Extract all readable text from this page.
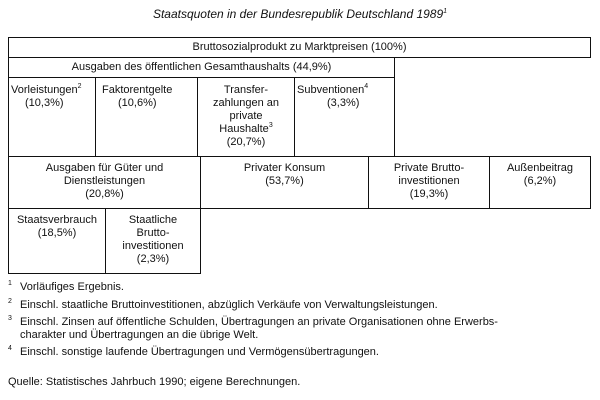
Staatsquoten in der Bundesrepublik Deutschland 1989$^1$
Bruttosozialprodukt zu Marktpreisen (100%)
Ausgaben des öffentlichen Gesamthaushalts (44,9%)
Vorleistungen$^2$
(10,3%)
Faktorentgelte
(10,6%)
Transfer-
zahlungen an
private
Haushalte$^3$
(20,7%)
Subventionen$^4$
(3,3%)
Ausgaben für Güter und
Dienstleistungen
(20,8%)
Privater Konsum
(53,7%)
Private Brutto-
investitionen
(19,3%)
Außenbeitrag
(6,2%)
Staatsverbrauch
(18,5%)
Staatliche
Brutto-
investitionen
(2,3%)
1 Vorläufiges Ergebnis.
2 Einschl. staatliche Bruttoinvestitionen, abzüglich Verkäufe von Verwaltungsleistungen.
3 Einschl. Zinsen auf öffentliche Schulden, Übertragungen an private Organisationen ohne Erwerbs-
charakter und Übertragungen an die übrige Welt.
4 Einschl. sonstige laufende Übertragungen und Vermögensübertragungen.
Quelle: Statistisches Jahrbuch 1990; eigene Berechnungen.
